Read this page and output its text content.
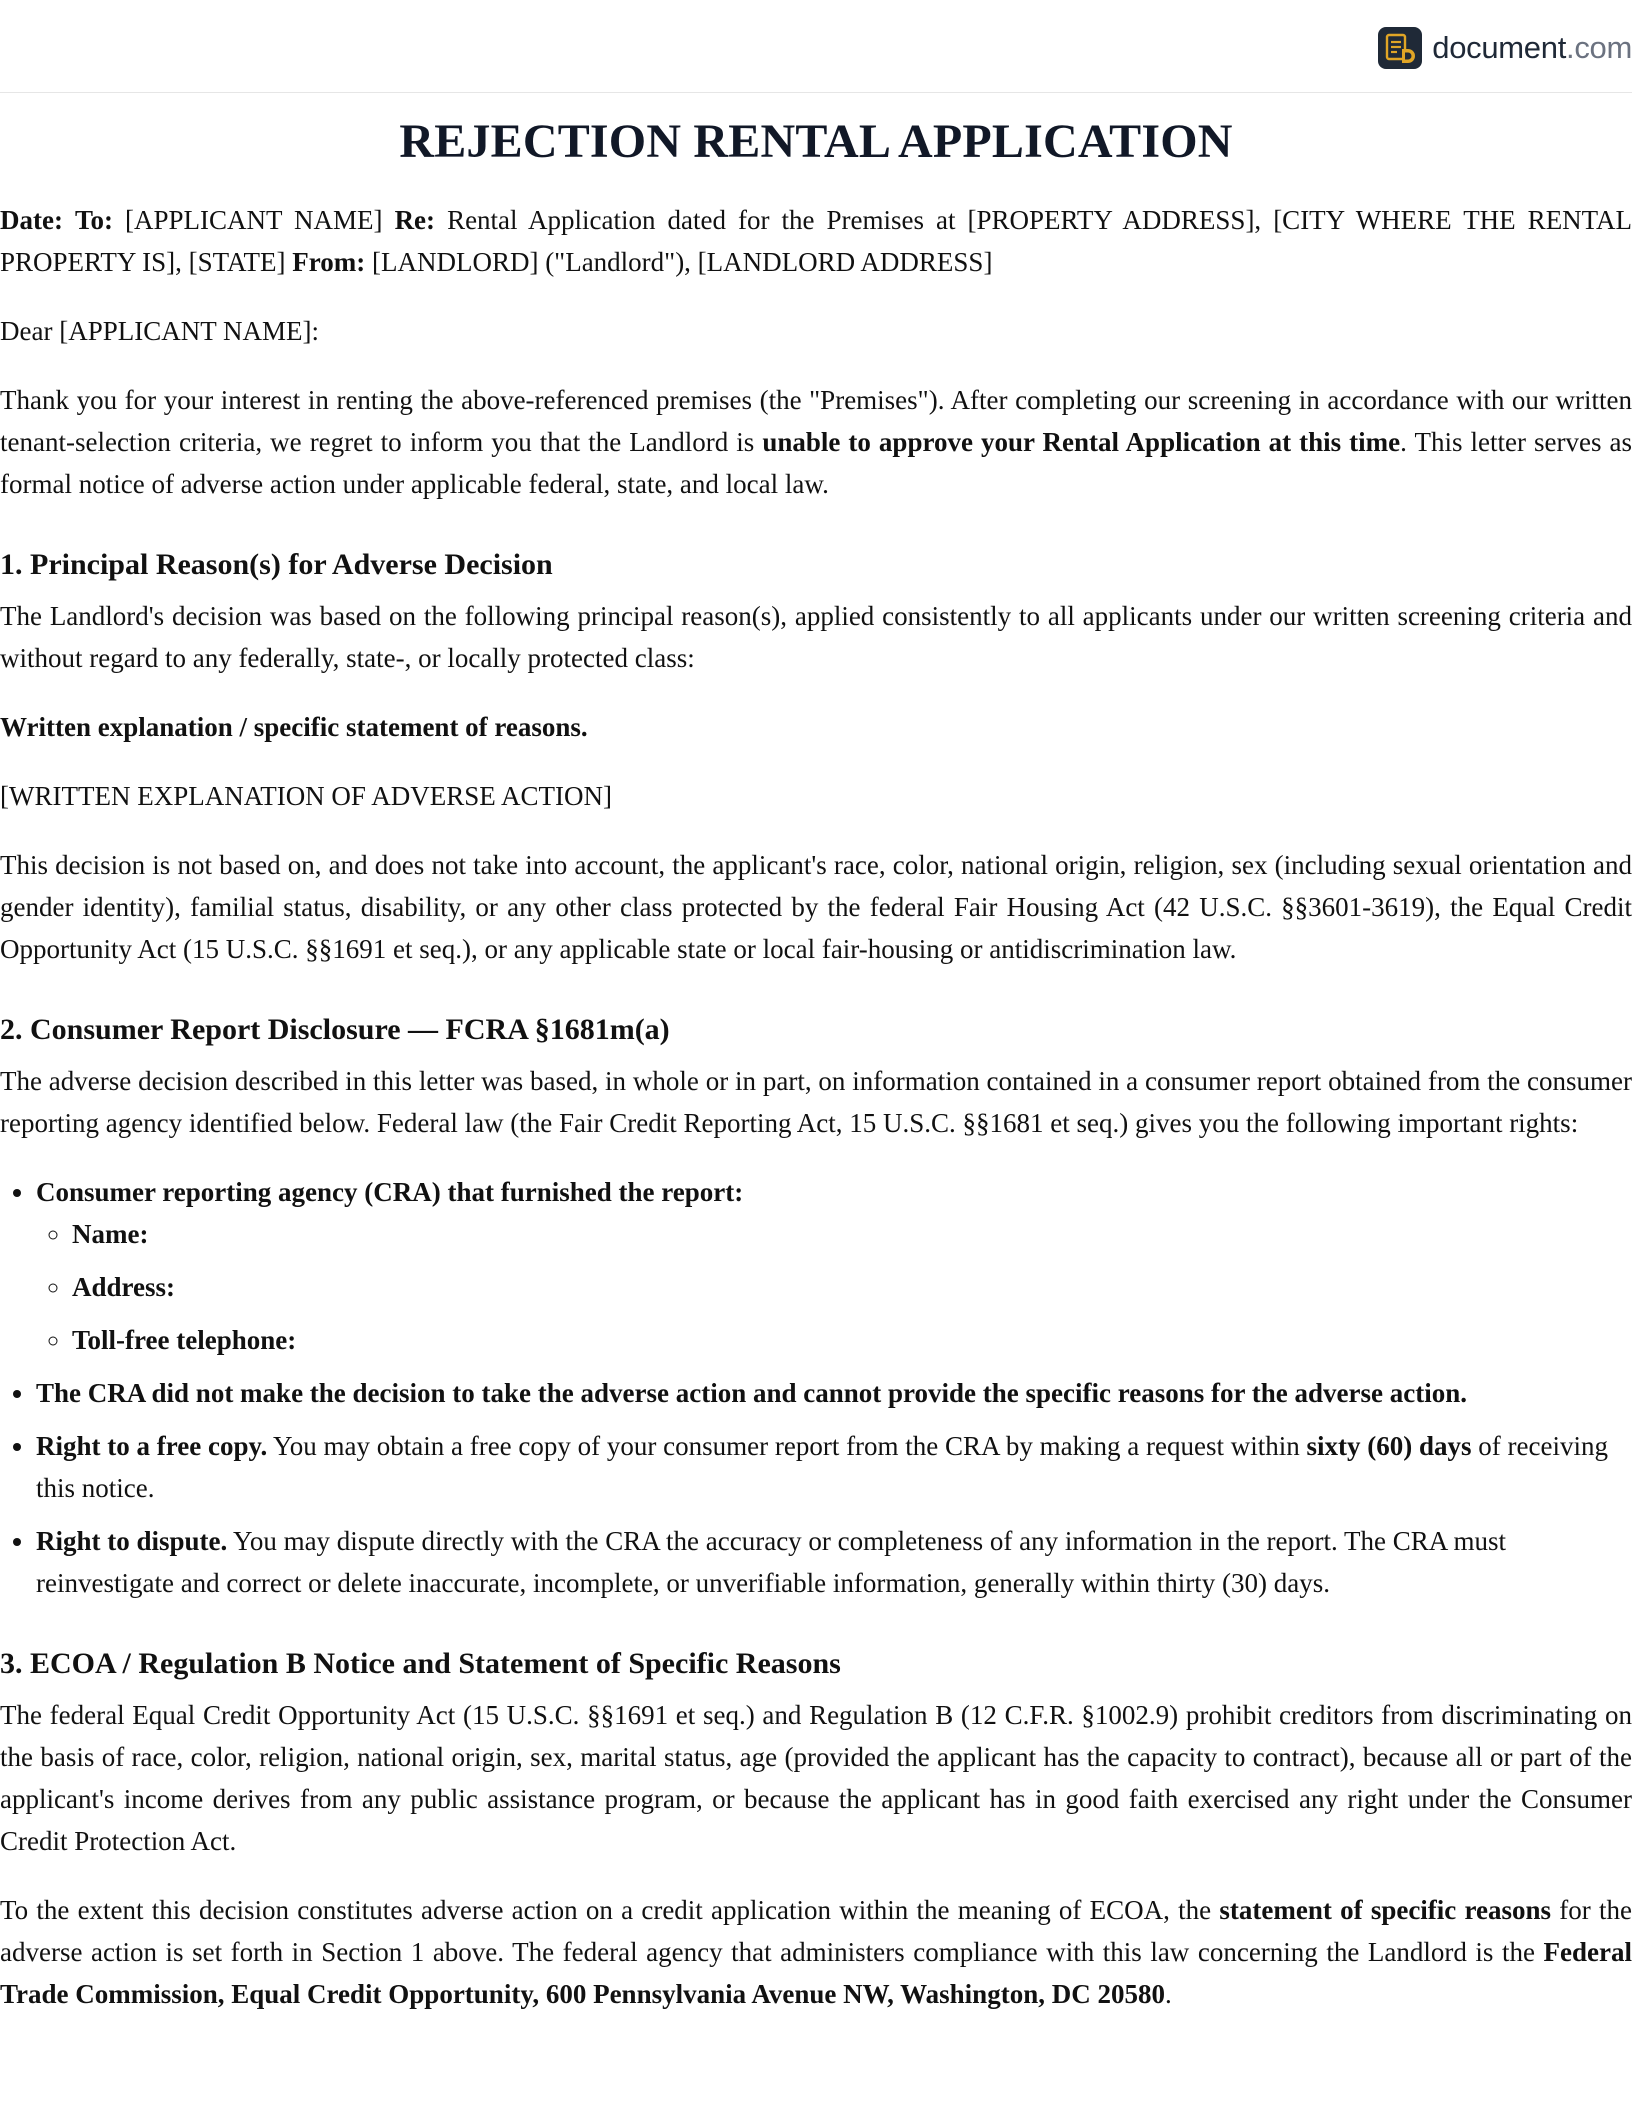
document.com
REJECTION RENTAL APPLICATION

Date: To: [APPLICANT NAME] Re: Rental Application dated for the Premises at [PROPERTY ADDRESS], [CITY WHERE THE RENTAL PROPERTY IS], [STATE] From: [LANDLORD] ("Landlord"), [LANDLORD ADDRESS]

Dear [APPLICANT NAME]:

Thank you for your interest in renting the above-referenced premises (the "Premises"). After completing our screening in accordance with our written tenant-selection criteria, we regret to inform you that the Landlord is unable to approve your Rental Application at this time. This letter serves as formal notice of adverse action under applicable federal, state, and local law.

1. Principal Reason(s) for Adverse Decision

The Landlord's decision was based on the following principal reason(s), applied consistently to all applicants under our written screening criteria and without regard to any federally, state-, or locally protected class:

Written explanation / specific statement of reasons.

[WRITTEN EXPLANATION OF ADVERSE ACTION]

This decision is not based on, and does not take into account, the applicant's race, color, national origin, religion, sex (including sexual orientation and gender identity), familial status, disability, or any other class protected by the federal Fair Housing Act (42 U.S.C. §§3601-3619), the Equal Credit Opportunity Act (15 U.S.C. §§1691 et seq.), or any applicable state or local fair-housing or antidiscrimination law.

2. Consumer Report Disclosure — FCRA §1681m(a)

The adverse decision described in this letter was based, in whole or in part, on information contained in a consumer report obtained from the consumer reporting agency identified below. Federal law (the Fair Credit Reporting Act, 15 U.S.C. §§1681 et seq.) gives you the following important rights:

• Consumer reporting agency (CRA) that furnished the report:
◦ Name:
◦ Address:
◦ Toll-free telephone:
• The CRA did not make the decision to take the adverse action and cannot provide the specific reasons for the adverse action.
• Right to a free copy. You may obtain a free copy of your consumer report from the CRA by making a request within sixty (60) days of receiving this notice.
• Right to dispute. You may dispute directly with the CRA the accuracy or completeness of any information in the report. The CRA must reinvestigate and correct or delete inaccurate, incomplete, or unverifiable information, generally within thirty (30) days.
3. ECOA / Regulation B Notice and Statement of Specific Reasons

The federal Equal Credit Opportunity Act (15 U.S.C. §§1691 et seq.) and Regulation B (12 C.F.R. §1002.9) prohibit creditors from discriminating on the basis of race, color, religion, national origin, sex, marital status, age (provided the applicant has the capacity to contract), because all or part of the applicant's income derives from any public assistance program, or because the applicant has in good faith exercised any right under the Consumer Credit Protection Act.

To the extent this decision constitutes adverse action on a credit application within the meaning of ECOA, the statement of specific reasons for the adverse action is set forth in Section 1 above. The federal agency that administers compliance with this law concerning the Landlord is the Federal Trade Commission, Equal Credit Opportunity, 600 Pennsylvania Avenue NW, Washington, DC 20580.
